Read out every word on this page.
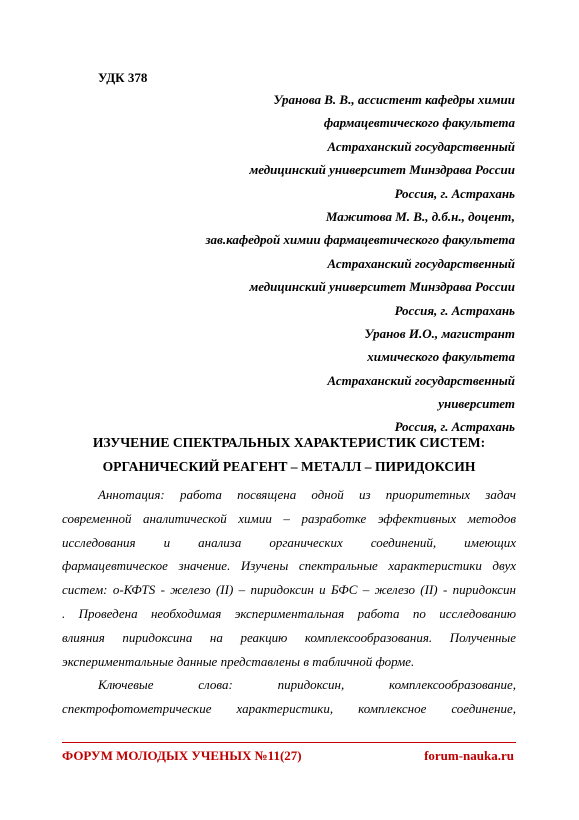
УДК 378
Уранова В. В., ассистент кафедры химии
фармацевтического факультета
Астраханский государственный
медицинский университет Минздрава России
Россия, г. Астрахань
Мажитова М. В., д.б.н., доцент,
зав.кафедрой химии фармацевтического факультета
Астраханский государственный
медицинский университет Минздрава России
Россия, г. Астрахань
Уранов И.О., магистрант
химического факультета
Астраханский государственный
университет
Россия, г. Астрахань
ИЗУЧЕНИЕ СПЕКТРАЛЬНЫХ ХАРАКТЕРИСТИК СИСТЕМ:
ОРГАНИЧЕСКИЙ РЕАГЕНТ – МЕТАЛЛ – ПИРИДОКСИН
Аннотация: работа посвящена одной из приоритетных задач
современной аналитической химии – разработке эффективных методов
исследования и анализа органических соединений, имеющих
фармацевтическое значение. Изучены спектральные характеристики двух
систем: о-КФТS - железо (II) – пиридоксин и БФС – железо (II) - пиридоксин
. Проведена необходимая экспериментальная работа по исследованию
влияния пиридоксина на реакцию комплексообразования. Полученные
экспериментальные данные представлены в табличной форме.
Ключевые слова: пиридоксин, комплексообразование,
спектрофотометрические характеристики, комплексное соединение,
ФОРУМ МОЛОДЫХ УЧЕНЫХ №11(27)	forum-nauka.ru
